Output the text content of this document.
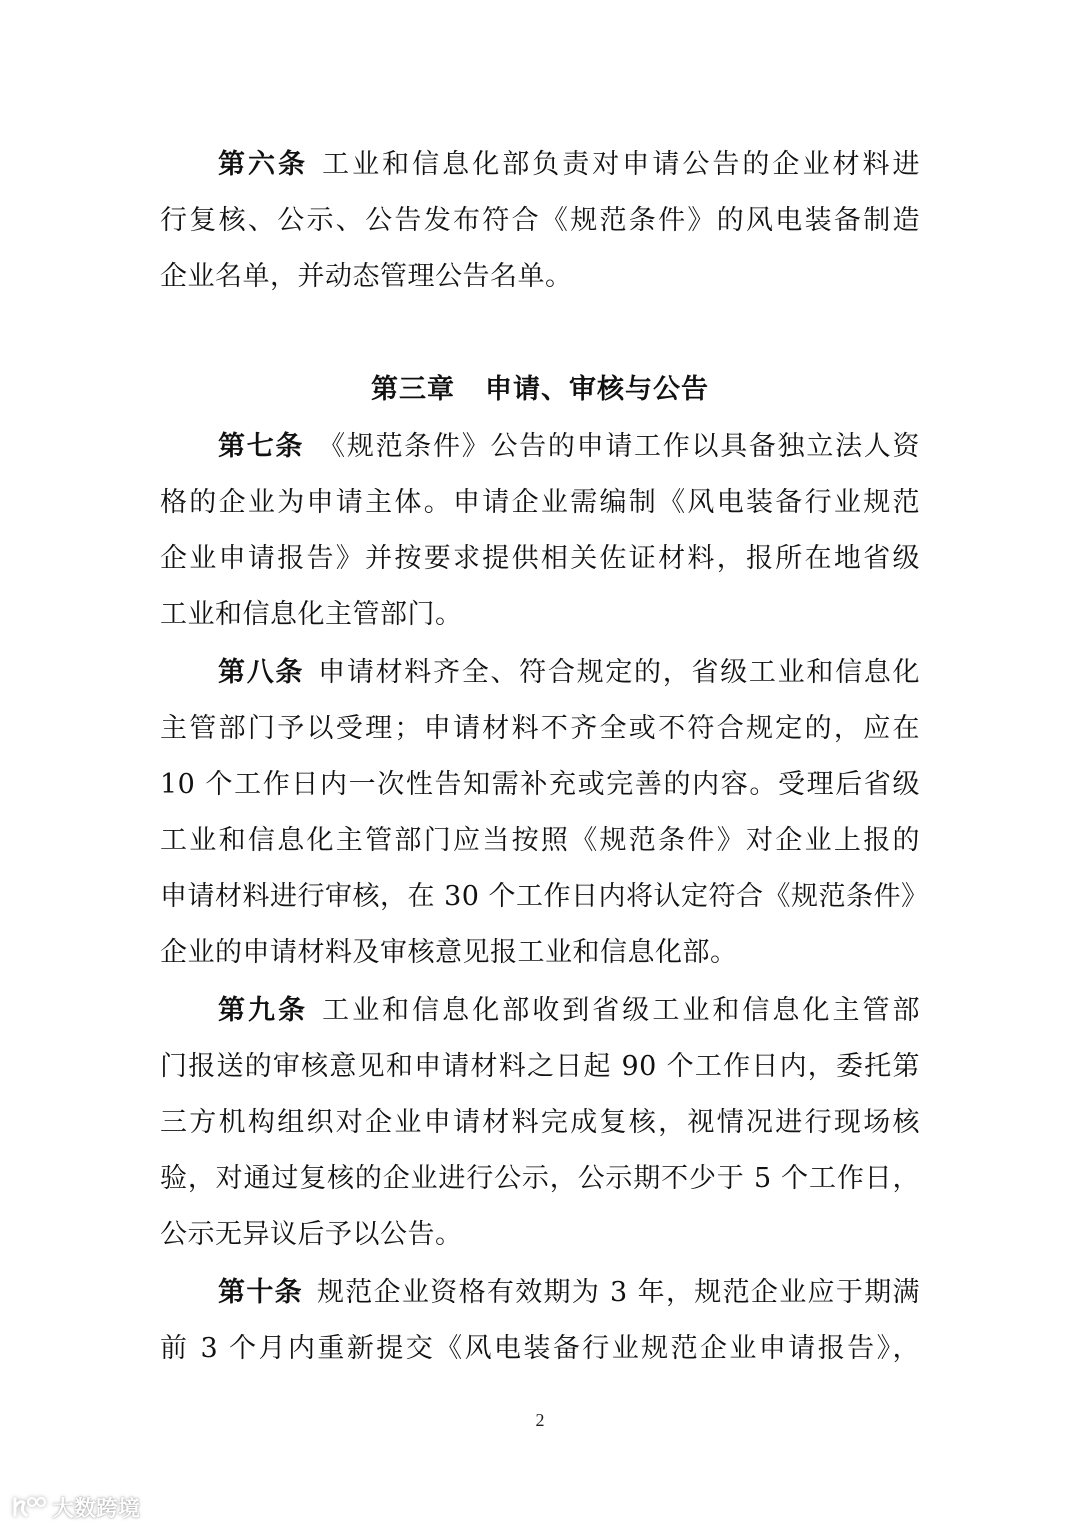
第六条 工业和信息化部负责对申请公告的企业材料进
行复核、公示、公告发布符合《规范条件》的风电装备制造
企业名单，并动态管理公告名单。
第三章 申请、审核与公告
第七条 《规范条件》公告的申请工作以具备独立法人资
格的企业为申请主体。申请企业需编制《风电装备行业规范
企业申请报告》并按要求提供相关佐证材料，报所在地省级
工业和信息化主管部门。
第八条 申请材料齐全、符合规定的，省级工业和信息化
主管部门予以受理；申请材料不齐全或不符合规定的，应在
10 个工作日内一次性告知需补充或完善的内容。受理后省级
工业和信息化主管部门应当按照《规范条件》对企业上报的
申请材料进行审核，在 30 个工作日内将认定符合《规范条件》
企业的申请材料及审核意见报工业和信息化部。
第九条 工业和信息化部收到省级工业和信息化主管部
门报送的审核意见和申请材料之日起 90 个工作日内，委托第
三方机构组织对企业申请材料完成复核，视情况进行现场核
验，对通过复核的企业进行公示，公示期不少于 5 个工作日，
公示无异议后予以公告。
第十条 规范企业资格有效期为 3 年，规范企业应于期满
前 3 个月内重新提交《风电装备行业规范企业申请报告》，
2
大数跨境
